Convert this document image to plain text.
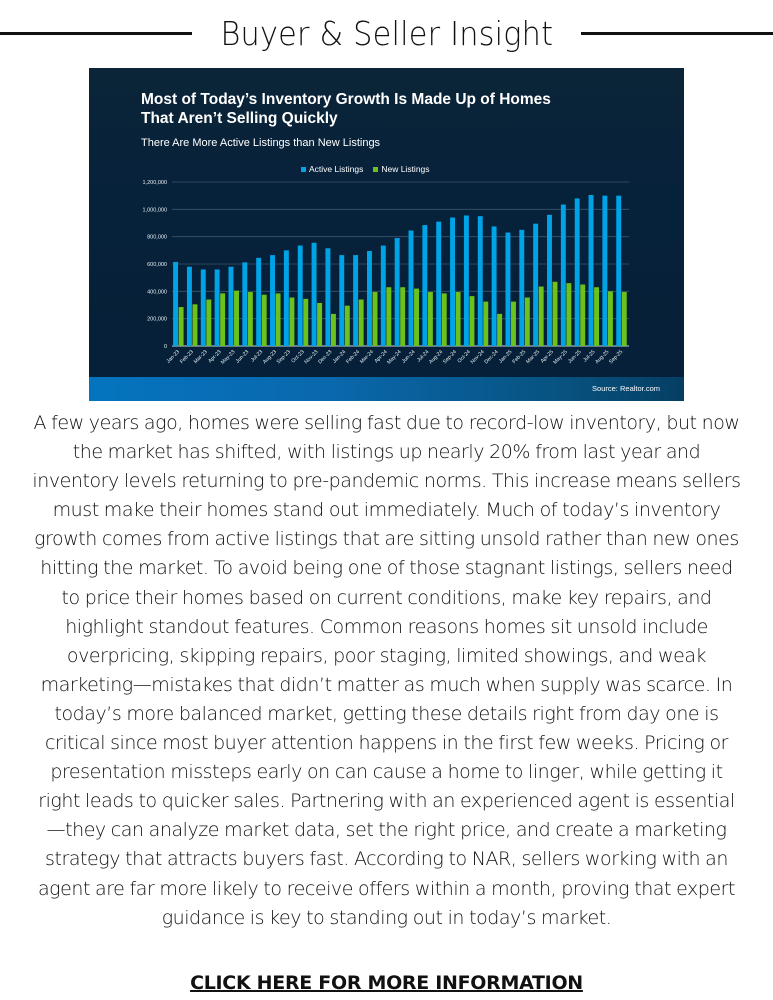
Buyer & Seller Insight
Most of Today’s Inventory Growth Is Made Up of Homes
That Aren’t Selling Quickly
There Are More Active Listings than New Listings
Active Listings New Listings
0
200,000
400,000
600,000
800,000
1,000,000
1,200,000
Jan-23
Feb-23
Mar-23
Apr-23
May-23
Jun-23 Jul-23
Aug-23
Sep-23
Oct-23
Nov-23
Dec-23
Jan-24
Feb-24
Mar-24
Apr-24
May-24
Jun-24 Jul-24
Aug-24
Sep-24
Oct-24
Nov-24
Dec-24
Jan-25
Feb-25
Mar-25
Apr-25
May-25
Jun-25 Jul-25
Aug-25
Sep-25
Source: Realtor.com
A few years ago, homes were selling fast due to record-low inventory, but now the market has shifted, with listings up nearly 20% from last year and inventory levels returning to pre-pandemic norms. This increase means sellers must make their homes stand out immediately. Much of today’s inventory growth comes from active listings that are sitting unsold rather than new ones hitting the market. To avoid being one of those stagnant listings, sellers need to price their homes based on current conditions, make key repairs, and highlight standout features. Common reasons homes sit unsold include overpricing, skipping repairs, poor staging, limited showings, and weak marketing—mistakes that didn’t matter as much when supply was scarce. In today’s more balanced market, getting these details right from day one is critical since most buyer attention happens in the first few weeks. Pricing or presentation missteps early on can cause a home to linger, while getting it right leads to quicker sales. Partnering with an experienced agent is essential—they can analyze market data, set the right price, and create a marketing strategy that attracts buyers fast. According to NAR, sellers working with an agent are far more likely to receive offers within a month, proving that expert guidance is key to standing out in today’s market.
CLICK HERE FOR MORE INFORMATION
